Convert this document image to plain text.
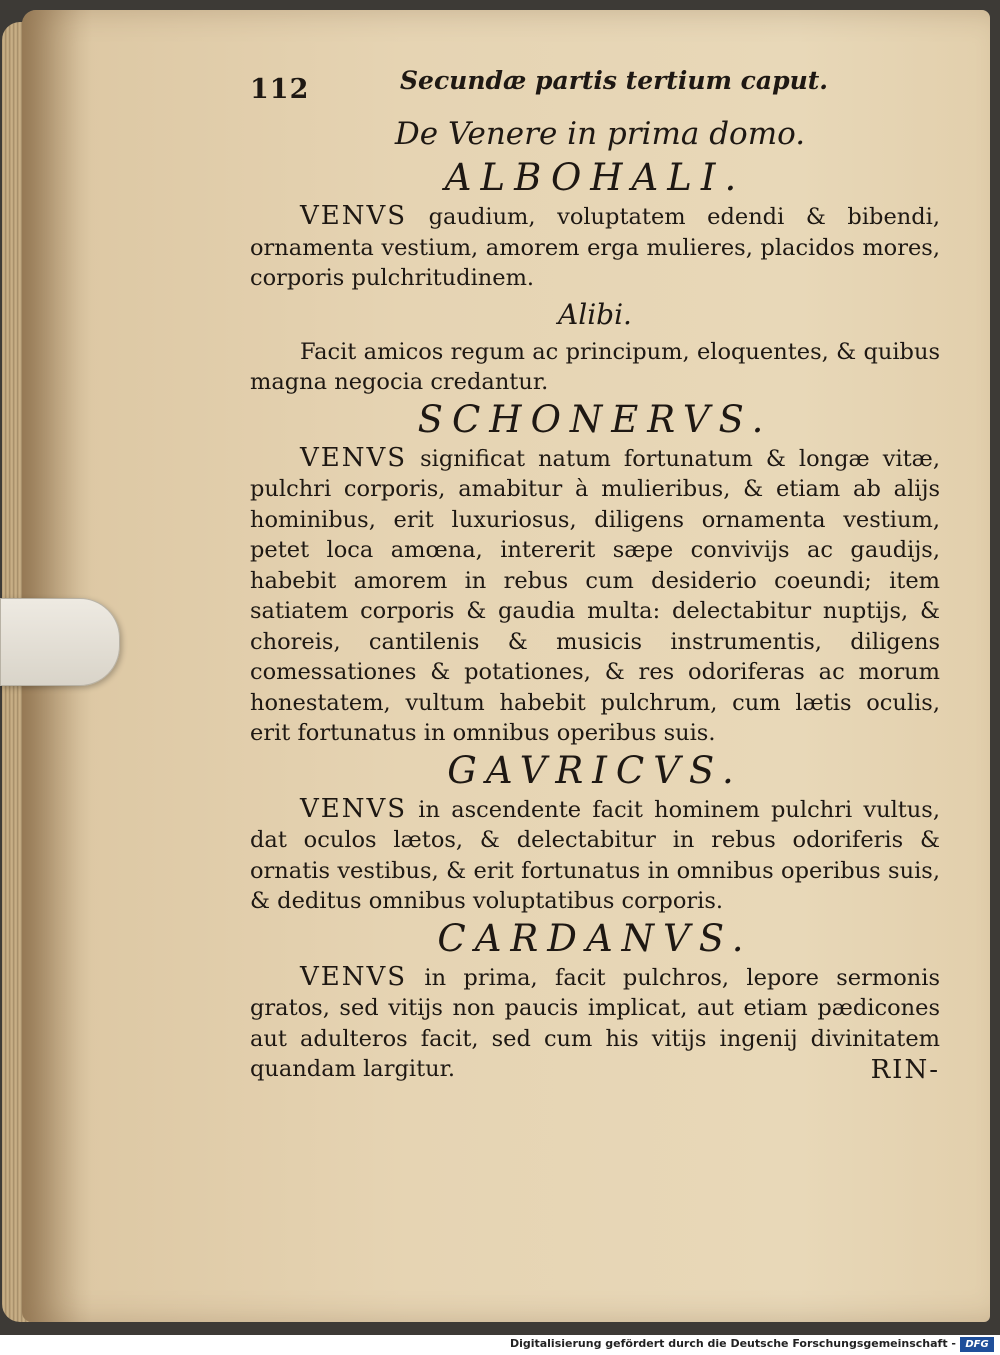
112	Secundæ partis tertium caput.
De Venere in prima domo.
ALBOHALI.

VENVS gaudium, voluptatem edendi & bibendi, ornamenta vestium, amorem erga mulieres, placidos mores, corporis pulchritudinem.

Alibi.

Facit amicos regum ac principum, eloquentes, & quibus magna negocia credantur.

SCHONERVS.

VENVS significat natum fortunatum & longæ vitæ, pulchri corporis, amabitur à mulieribus, & etiam ab alijs hominibus, erit luxuriosus, diligens ornamenta vestium, petet loca amœna, intererit sæpe convivijs ac gaudijs, habebit amorem in rebus cum desiderio coeundi; item satiatem corporis & gaudia multa: delectabitur nuptijs, & choreis, cantilenis & musicis instrumentis, diligens comessationes & potationes, & res odoriferas ac morum honestatem, vultum habebit pulchrum, cum lætis oculis, erit fortunatus in omnibus operibus suis.

GAVRICVS.

VENVS in ascendente facit hominem pulchri vultus, dat oculos lætos, & delectabitur in rebus odoriferis & ornatis vestibus, & erit fortunatus in omnibus operibus suis, & deditus omnibus voluptatibus corporis.

CARDANVS.

VENVS in prima, facit pulchros, lepore sermonis gratos, sed vitijs non paucis implicat, aut etiam pædicones aut adulteros facit, sed cum his vitijs ingenij divinitatem quandam largitur.	RIN-
Digitalisierung gefördert durch die Deutsche Forschungsgemeinschaft - DFG
